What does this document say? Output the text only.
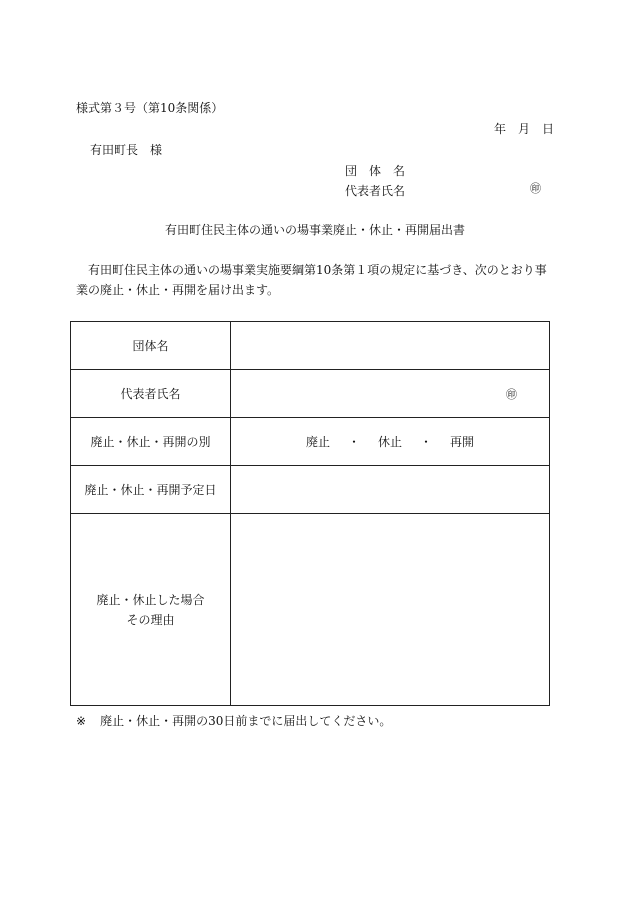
様式第３号（第10条関係）
年　月　日
有田町長　様
団　体　名
代表者氏名	㊞
有田町住民主体の通いの場事業廃止・休止・再開届出書
有田町住民主体の通いの場事業実施要綱第10条第１項の規定に基づき、次のとおり事業の廃止・休止・再開を届け出ます。
団体名	
代表者氏名	㊞

廃止・休止・再開の別	廃止 ・ 休止 ・ 再開
廃止・休止・再開予定日	

廃止・休止した場合
その理由	

※ 廃止・休止・再開の30日前までに届出してください。
